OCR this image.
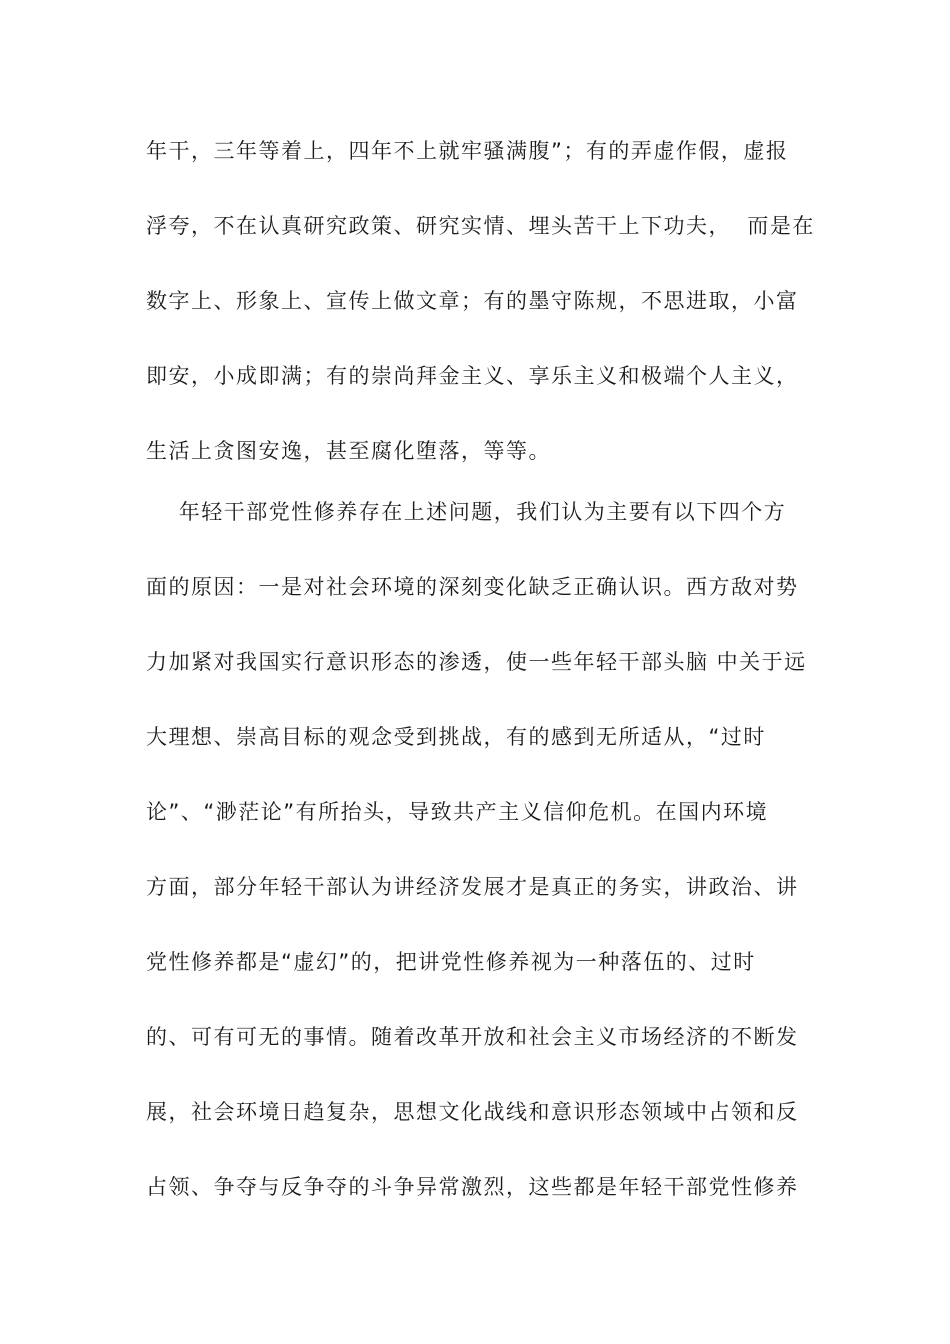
年干，三年等着上，四年不上就牢骚满腹”；有的弄虚作假，虚报
浮夸，不在认真研究政策、研究实情、埋头苦干上下功夫，  而是在
数字上、形象上、宣传上做文章；有的墨守陈规，不思进取，小富
即安，小成即满；有的崇尚拜金主义、享乐主义和极端个人主义，
生活上贪图安逸，甚至腐化堕落，等等。
年轻干部党性修养存在上述问题，我们认为主要有以下四个方
面的原因：一是对社会环境的深刻变化缺乏正确认识。西方敌对势
力加紧对我国实行意识形态的渗透，使一些年轻干部头脑 中关于远
大理想、崇高目标的观念受到挑战，有的感到无所适从，“过时
论”、“渺茫论”有所抬头，导致共产主义信仰危机。在国内环境
方面，部分年轻干部认为讲经济发展才是真正的务实，讲政治、讲
党性修养都是“虚幻”的，把讲党性修养视为一种落伍的、过时
的、可有可无的事情。随着改革开放和社会主义市场经济的不断发
展，社会环境日趋复杂，思想文化战线和意识形态领域中占领和反
占领、争夺与反争夺的斗争异常激烈，这些都是年轻干部党性修养
